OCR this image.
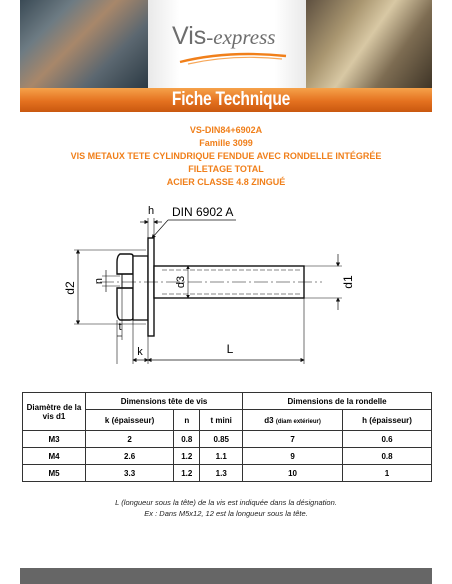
Vis-express
Fiche Technique
VS-DIN84+6902A
Famille 3099
VIS METAUX TETE CYLINDRIQUE FENDUE AVEC RONDELLE INTÉGRÉE
FILETAGE TOTAL
ACIER CLASSE 4.8 ZINGUÉ
d2
n	d3	d1
h DIN 6902 A
t
k	L
Diamètre de la vis d1	Dimensions tête de vis			Dimensions de la rondelle	
	k (épaisseur)	n	t mini	d3 (diam extérieur)	h (épaisseur)
M3	2	0.8	0.85	7	0.6
M4	2.6	1.2	1.1	9	0.8
M5	3.3	1.2	1.3	10	1
L (longueur sous la tête) de la vis est indiquée dans la désignation.
Ex : Dans M5x12, 12 est la longueur sous la tête.
